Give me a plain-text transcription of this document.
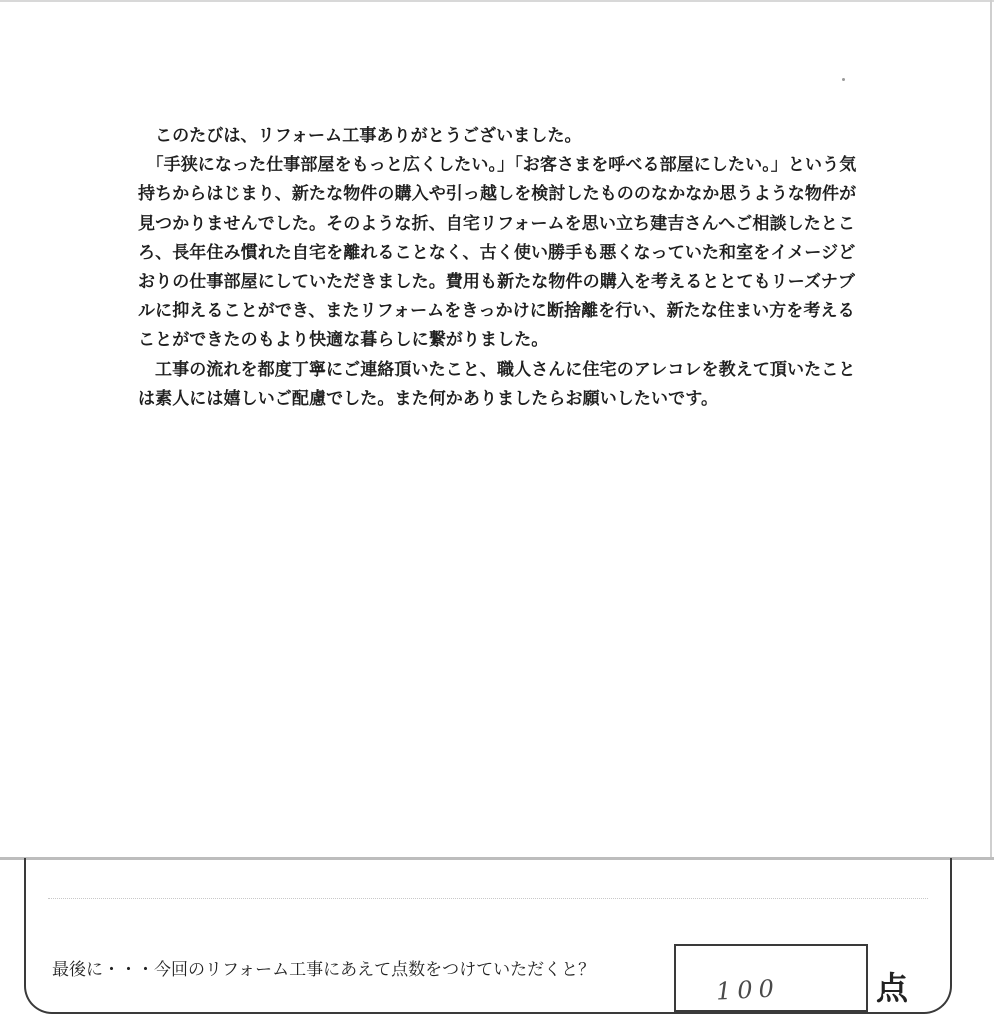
このたびは、リフォーム工事ありがとうございました。

「手狭になった仕事部屋をもっと広くしたい。」「お客さまを呼べる部屋にしたい。」という気持ちからはじまり、新たな物件の購入や引っ越しを検討したもののなかなか思うような物件が見つかりませんでした。そのような折、自宅リフォームを思い立ち建吉さんへご相談したところ、長年住み慣れた自宅を離れることなく、古く使い勝手も悪くなっていた和室をイメージどおりの仕事部屋にしていただきました。費用も新たな物件の購入を考えるととてもリーズナブルに抑えることができ、またリフォームをきっかけに断捨離を行い、新たな住まい方を考えることができたのもより快適な暮らしに繋がりました。

工事の流れを都度丁寧にご連絡頂いたこと、職人さんに住宅のアレコレを教えて頂いたことは素人には嬉しいご配慮でした。また何かありましたらお願いしたいです。

最後に・・・今回のリフォーム工事にあえて点数をつけていただくと？
100	点
